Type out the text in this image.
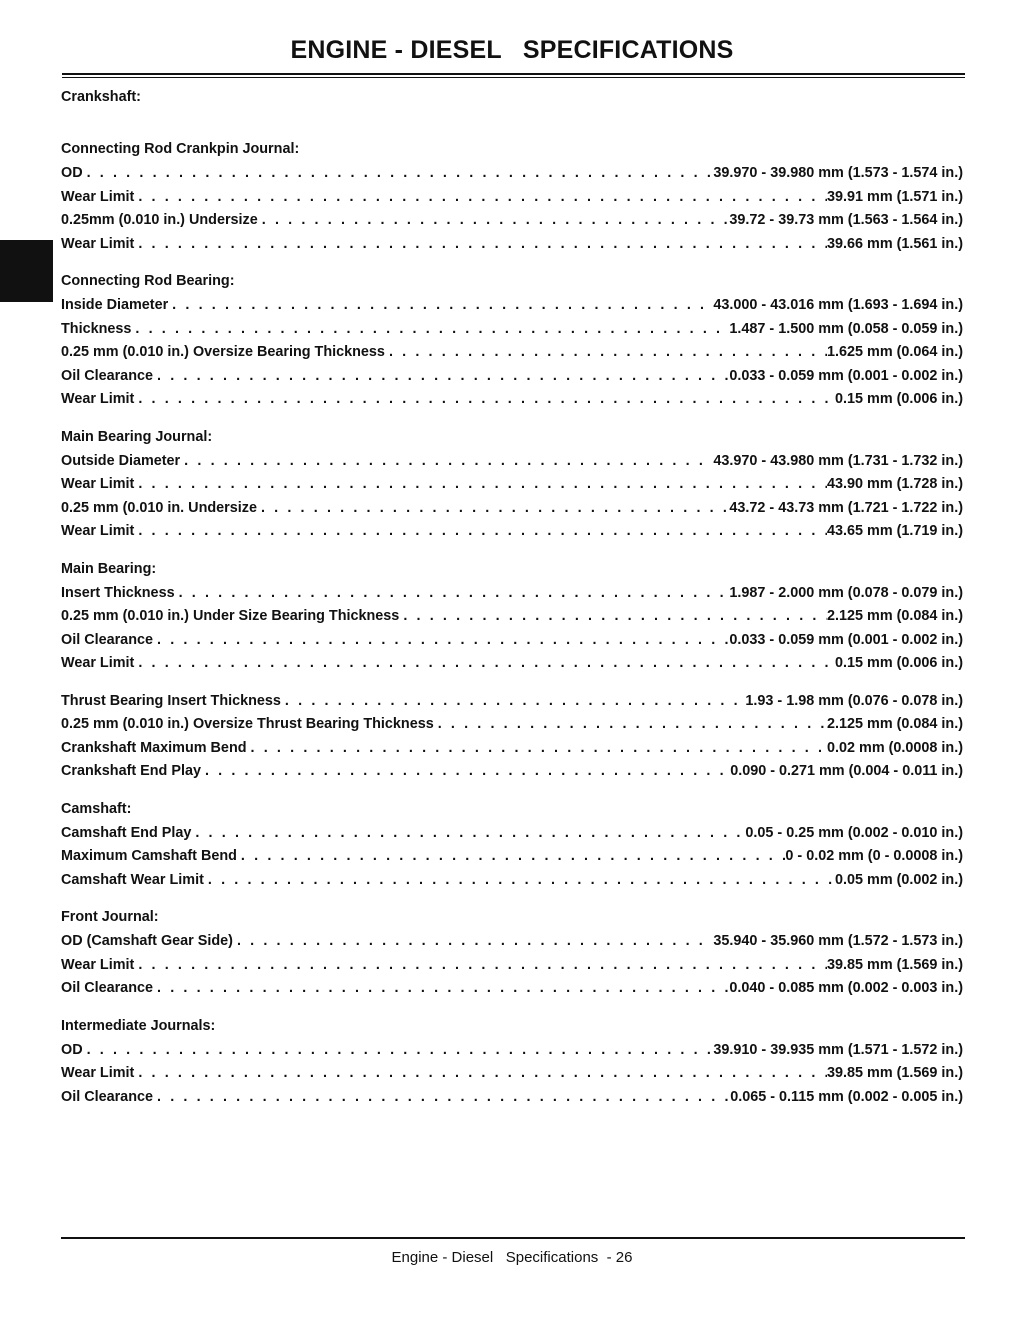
ENGINE - DIESEL   SPECIFICATIONS
Crankshaft:
Connecting Rod Crankpin Journal:
OD . . .	39.970 - 39.980 mm (1.573 - 1.574 in.)
Wear Limit . . .	39.91 mm (1.571 in.)
0.25mm (0.010 in.) Undersize . . .	39.72 - 39.73 mm (1.563 - 1.564 in.)
Wear Limit . . .	39.66 mm (1.561 in.)
Connecting Rod Bearing:
Inside Diameter . . .	43.000 - 43.016 mm (1.693 - 1.694 in.)
Thickness . . .	1.487 - 1.500 mm (0.058 - 0.059 in.)
0.25 mm (0.010 in.) Oversize Bearing Thickness . . .	1.625 mm (0.064 in.)
Oil Clearance . . .	0.033 - 0.059 mm (0.001 - 0.002 in.)
Wear Limit . . .	0.15 mm (0.006 in.)
Main Bearing Journal:
Outside Diameter . . .	43.970 - 43.980 mm (1.731 - 1.732 in.)
Wear Limit . . .	43.90 mm (1.728 in.)
0.25 mm (0.010 in. Undersize . . .	43.72 - 43.73 mm (1.721 - 1.722 in.)
Wear Limit . . .	43.65 mm (1.719 in.)
Main Bearing:
Insert Thickness . . .	1.987 - 2.000 mm (0.078 - 0.079 in.)
0.25 mm (0.010 in.) Under Size Bearing Thickness . . .	2.125 mm (0.084 in.)
Oil Clearance . . .	0.033 - 0.059 mm (0.001 - 0.002 in.)
Wear Limit . . .	0.15 mm (0.006 in.)
Thrust Bearing Insert Thickness . . .	1.93 - 1.98 mm (0.076 - 0.078 in.)
0.25 mm (0.010 in.) Oversize Thrust Bearing Thickness . . .	2.125 mm (0.084 in.)
Crankshaft Maximum Bend . . .	0.02 mm (0.0008 in.)
Crankshaft End Play . . .	0.090 - 0.271 mm (0.004 - 0.011 in.)
Camshaft:
Camshaft End Play . . .	0.05 - 0.25 mm (0.002 - 0.010 in.)
Maximum Camshaft Bend . . .	0 - 0.02 mm (0 - 0.0008 in.)
Camshaft Wear Limit . . .	0.05 mm (0.002 in.)
Front Journal:
OD (Camshaft Gear Side) . . .	35.940 - 35.960 mm (1.572 - 1.573 in.)
Wear Limit . . .	39.85 mm (1.569 in.)
Oil Clearance . . .	0.040 - 0.085 mm (0.002 - 0.003 in.)
Intermediate Journals:
OD . . .	39.910 - 39.935 mm (1.571 - 1.572 in.)
Wear Limit . . .	39.85 mm (1.569 in.)
Oil Clearance . . .	0.065 - 0.115 mm (0.002 - 0.005 in.)
Engine - Diesel   Specifications  - 26
